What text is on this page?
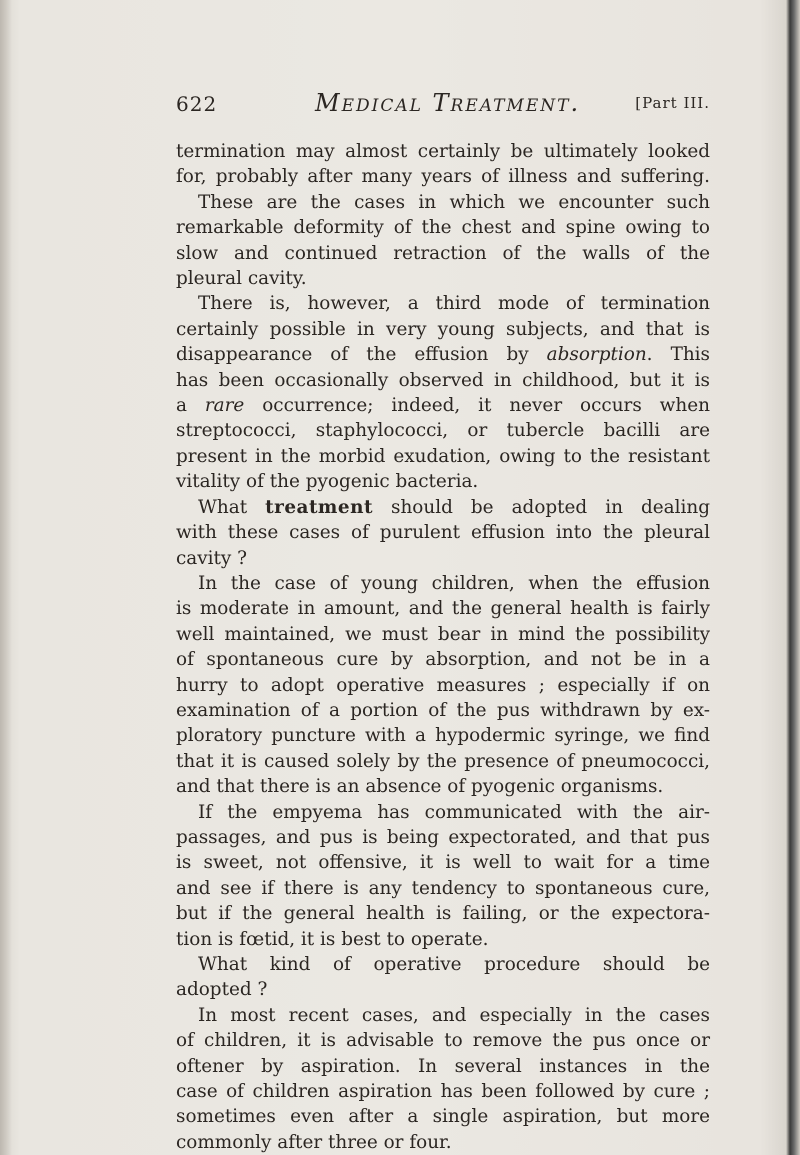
622	Medical Treatment.	[Part III.
termination may almost certainly be ultimately looked
for, probably after many years of illness and suffering.
These are the cases in which we encounter such
remarkable deformity of the chest and spine owing to
slow and continued retraction of the walls of the
pleural cavity.
There is, however, a third mode of termination
certainly possible in very young subjects, and that is
disappearance of the effusion by absorption. This
has been occasionally observed in childhood, but it is
a rare occurrence; indeed, it never occurs when
streptococci, staphylococci, or tubercle bacilli are
present in the morbid exudation, owing to the resistant
vitality of the pyogenic bacteria.
What treatment should be adopted in dealing
with these cases of purulent effusion into the pleural
cavity ?
In the case of young children, when the effusion
is moderate in amount, and the general health is fairly
well maintained, we must bear in mind the possibility
of spontaneous cure by absorption, and not be in a
hurry to adopt operative measures ; especially if on
examination of a portion of the pus withdrawn by ex-
ploratory puncture with a hypodermic syringe, we find
that it is caused solely by the presence of pneumococci,
and that there is an absence of pyogenic organisms.
If the empyema has communicated with the air-
passages, and pus is being expectorated, and that pus
is sweet, not offensive, it is well to wait for a time
and see if there is any tendency to spontaneous cure,
but if the general health is failing, or the expectora-
tion is fœtid, it is best to operate.
What kind of operative procedure should be
adopted ?
In most recent cases, and especially in the cases
of children, it is advisable to remove the pus once or
oftener by aspiration. In several instances in the
case of children aspiration has been followed by cure ;
sometimes even after a single aspiration, but more
commonly after three or four.
